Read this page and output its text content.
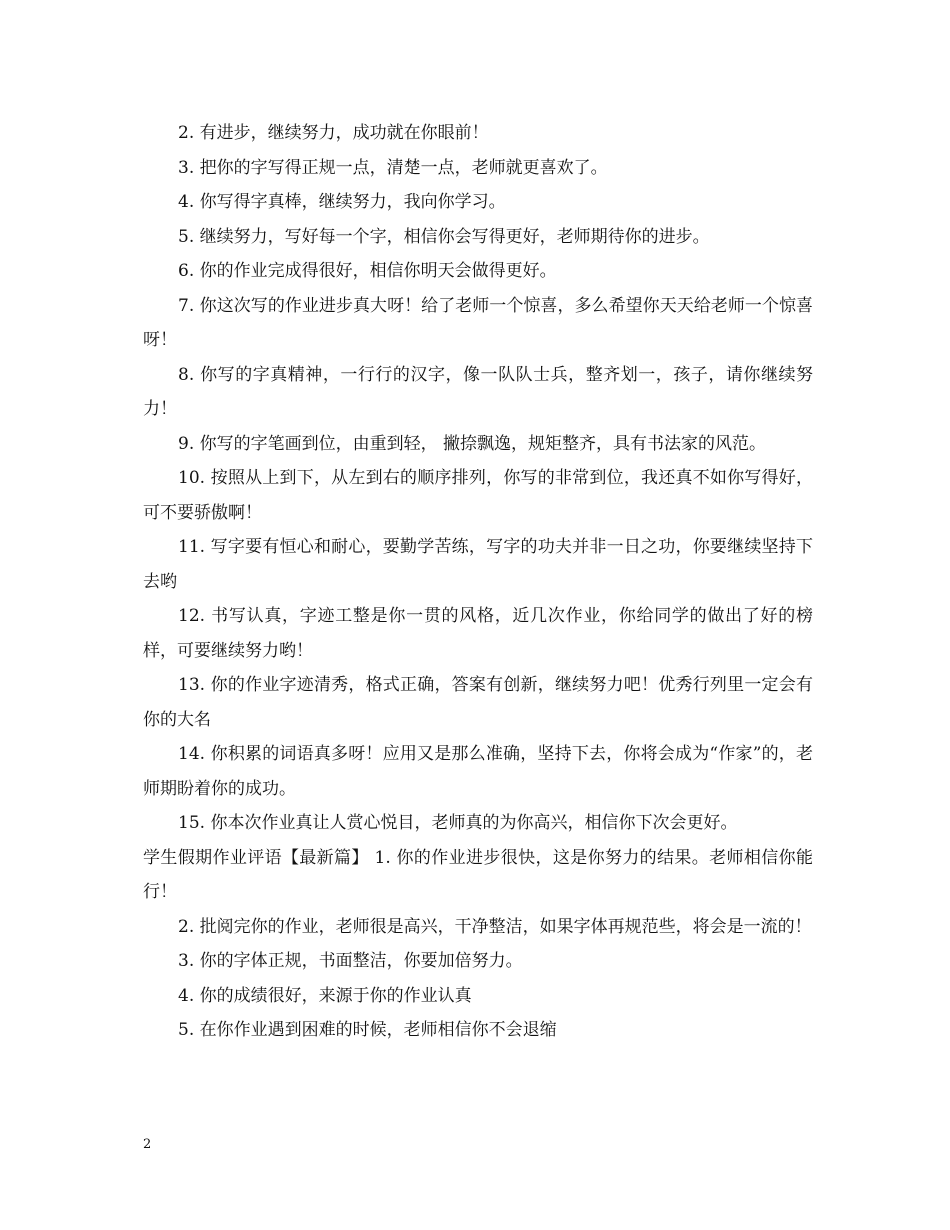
2. 有进步，继续努力，成功就在你眼前！

3. 把你的字写得正规一点，清楚一点，老师就更喜欢了。

4. 你写得字真棒，继续努力，我向你学习。

5. 继续努力，写好每一个字，相信你会写得更好，老师期待你的进步。

6. 你的作业完成得很好，相信你明天会做得更好。

7. 你这次写的作业进步真大呀！给了老师一个惊喜，多么希望你天天给老师一个惊喜呀！

8. 你写的字真精神，一行行的汉字，像一队队士兵，整齐划一，孩子，请你继续努力！

9. 你写的字笔画到位，由重到轻， 撇捺飘逸，规矩整齐，具有书法家的风范。

10. 按照从上到下，从左到右的顺序排列，你写的非常到位，我还真不如你写得好，可不要骄傲啊！

11. 写字要有恒心和耐心，要勤学苦练，写字的功夫并非一日之功，你要继续坚持下去哟

12. 书写认真，字迹工整是你一贯的风格，近几次作业，你给同学的做出了好的榜样，可要继续努力哟！

13. 你的作业字迹清秀，格式正确，答案有创新，继续努力吧！优秀行列里一定会有你的大名

14. 你积累的词语真多呀！应用又是那么准确，坚持下去，你将会成为“作家”的，老师期盼着你的成功。

15. 你本次作业真让人赏心悦目，老师真的为你高兴，相信你下次会更好。

学生假期作业评语【最新篇】 1. 你的作业进步很快，这是你努力的结果。老师相信你能行！

2. 批阅完你的作业，老师很是高兴，干净整洁，如果字体再规范些，将会是一流的！

3. 你的字体正规，书面整洁，你要加倍努力。

4. 你的成绩很好，来源于你的作业认真

5. 在你作业遇到困难的时候，老师相信你不会退缩

2
